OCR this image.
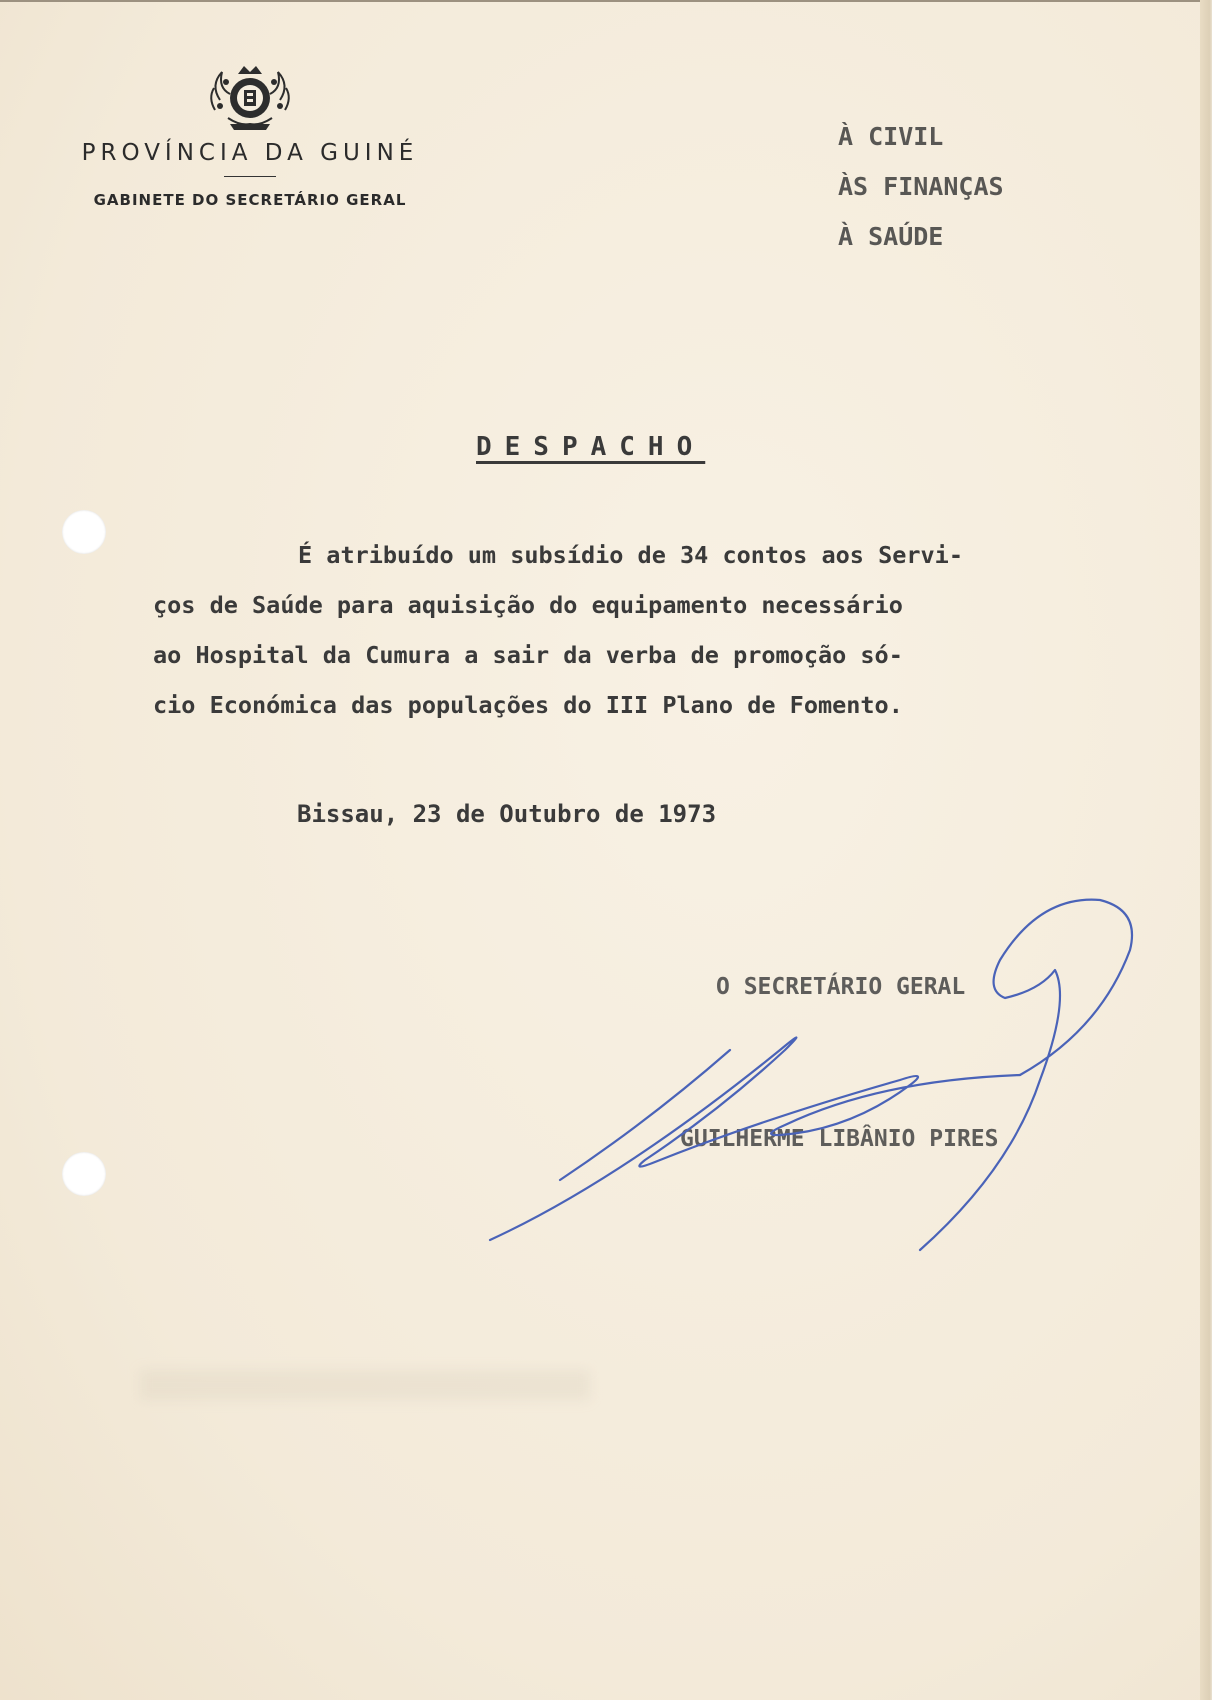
PROVÍNCIA DA GUINÉ
GABINETE DO SECRETÁRIO GERAL
À CIVIL
ÀS FINANÇAS
À SAÚDE
DESPACHO
É atribuído um subsídio de 34 contos aos Servi-
ços de Saúde para aquisição do equipamento necessário
ao Hospital da Cumura a sair da verba de promoção só-
cio Económica das populações do III Plano de Fomento.
Bissau, 23 de Outubro de 1973
O SECRETÁRIO GERAL
GUILHERME LIBÂNIO PIRES
